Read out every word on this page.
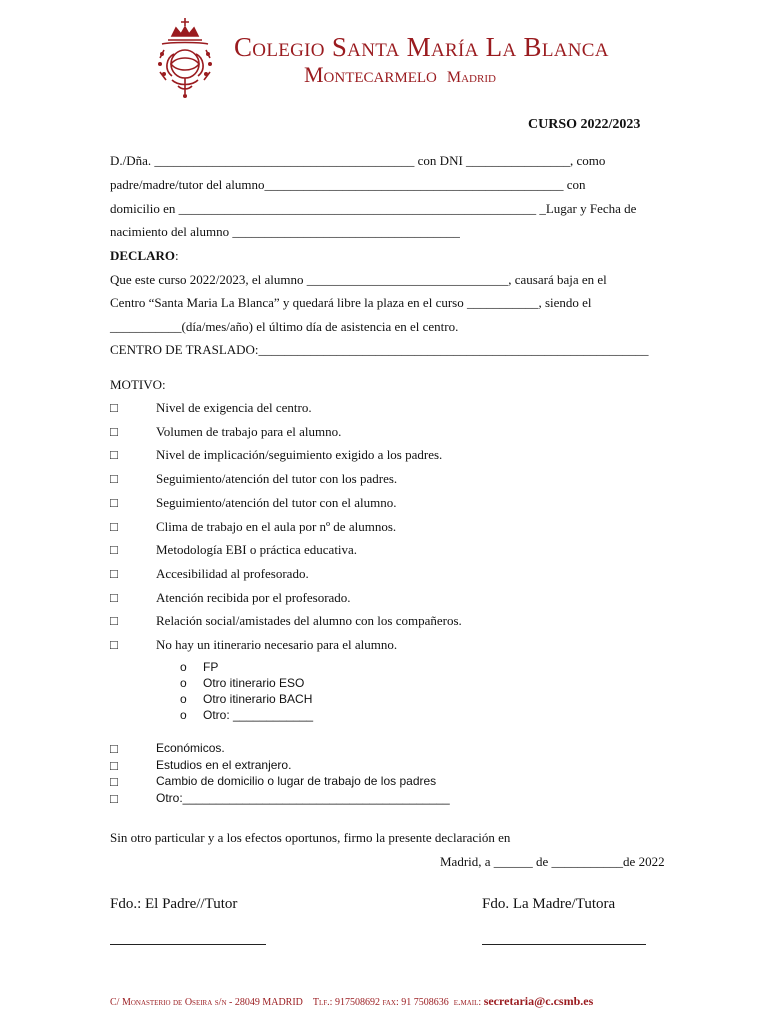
Colegio Santa María La Blanca
Montecarmelo Madrid
CURSO 2022/2023
D./Dña. ________________________________________ con DNI ________________, como
padre/madre/tutor del alumno______________________________________________ con
domicilio en _______________________________________________________ _Lugar y Fecha de
nacimiento del alumno ___________________________________
DECLARO:
Que este curso 2022/2023, el alumno _______________________________, causará baja en el
Centro “Santa Maria La Blanca” y quedará libre la plaza en el curso ___________, siendo el
___________(día/mes/año) el último día de asistencia en el centro.
CENTRO DE TRASLADO:____________________________________________________________
MOTIVO:
□	Nivel de exigencia del centro.
□	Volumen de trabajo para el alumno.
□	Nivel de implicación/seguimiento exigido a los padres.
□	Seguimiento/atención del tutor con los padres.
□	Seguimiento/atención del tutor con el alumno.
□	Clima de trabajo en el aula por nº de alumnos.
□	Metodología EBI o práctica educativa.
□	Accesibilidad al profesorado.
□	Atención recibida por el profesorado.
□	Relación social/amistades del alumno con los compañeros.
□	No hay un itinerario necesario para el alumno.
o FP
o Otro itinerario ESO
o Otro itinerario BACH
o Otro: ____________
□	Económicos.
□	Estudios en el extranjero.
□	Cambio de domicilio o lugar de trabajo de los padres
□	Otro:________________________________________
Sin otro particular y a los efectos oportunos, firmo la presente declaración en
Madrid, a ______ de ___________de 2022
Fdo.: El Padre//Tutor	Fdo. La Madre/Tutora
C/ Monasterio de Oseira s/n - 28049 MADRID Tlf.: 917508692 fax: 91 7508636 e.mail: secretaria@c.csmb.es
